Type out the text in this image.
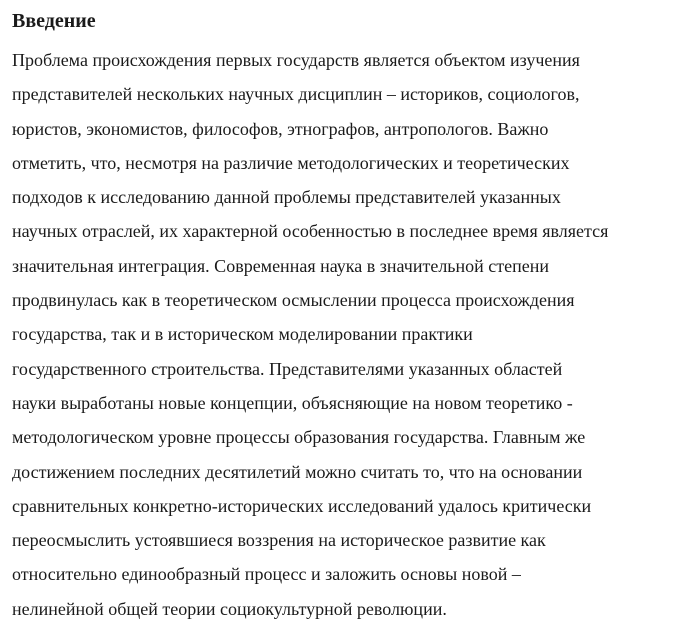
Введение

Проблема происхождения первых государств является объектом изучения
представителей нескольких научных дисциплин – историков, социологов,
юристов, экономистов, философов, этнографов, антропологов. Важно
отметить, что, несмотря на различие методологических и теоретических
подходов к исследованию данной проблемы представителей указанных
научных отраслей, их характерной особенностью в последнее время является
значительная интеграция. Современная наука в значительной степени
продвинулась как в теоретическом осмыслении процесса происхождения
государства, так и в историческом моделировании практики
государственного строительства. Представителями указанных областей
науки выработаны новые концепции, объясняющие на новом теоретико -
методологическом уровне процессы образования государства. Главным же
достижением последних десятилетий можно считать то, что на основании
сравнительных конкретно-исторических исследований удалось критически
переосмыслить устоявшиеся воззрения на историческое развитие как
относительно единообразный процесс и заложить основы новой –
нелинейной общей теории социокультурной революции.
